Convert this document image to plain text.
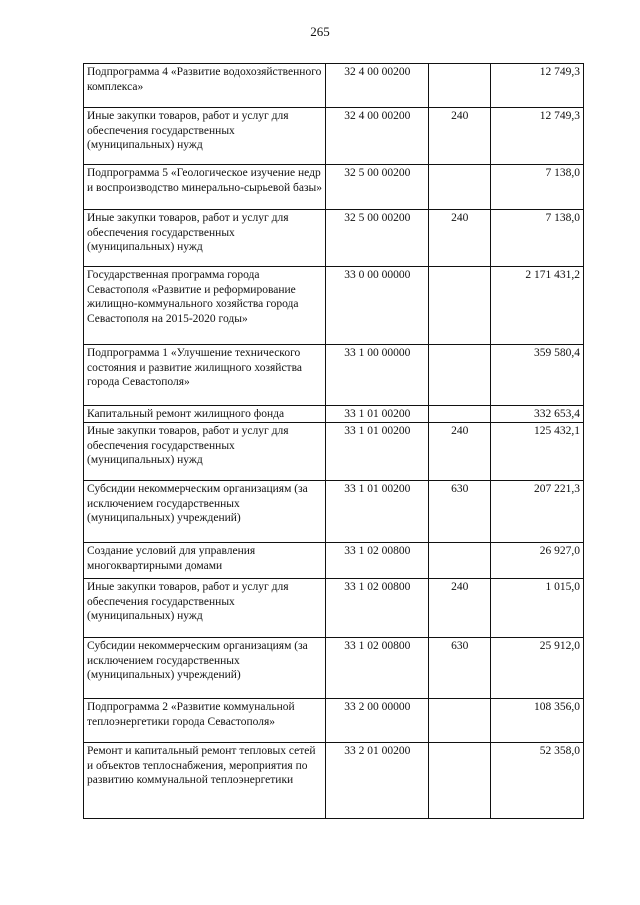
265
Подпрограмма 4 «Развитие водохозяйственного комплекса»	32 4 00 00200		12 749,3
Иные закупки товаров, работ и услуг для обеспечения государственных (муниципальных) нужд	32 4 00 00200	240	12 749,3
Подпрограмма 5 «Геологическое изучение недр и воспроизводство минерально-сырьевой базы»	32 5 00 00200		7 138,0
Иные закупки товаров, работ и услуг для обеспечения государственных (муниципальных) нужд	32 5 00 00200	240	7 138,0
Государственная программа города Севастополя «Развитие и реформирование жилищно-коммунального хозяйства города Севастополя на 2015-2020 годы»	33 0 00 00000		2 171 431,2
Подпрограмма 1 «Улучшение технического состояния и развитие жилищного хозяйства города Севастополя»	33 1 00 00000		359 580,4
Капитальный ремонт жилищного фонда	33 1 01 00200		332 653,4
Иные закупки товаров, работ и услуг для обеспечения государственных (муниципальных) нужд	33 1 01 00200	240	125 432,1
Субсидии некоммерческим организациям (за исключением государственных (муниципальных) учреждений)	33 1 01 00200	630	207 221,3
Создание условий для управления многоквартирными домами	33 1 02 00800		26 927,0
Иные закупки товаров, работ и услуг для обеспечения государственных (муниципальных) нужд	33 1 02 00800	240	1 015,0
Субсидии некоммерческим организациям (за исключением государственных (муниципальных) учреждений)	33 1 02 00800	630	25 912,0
Подпрограмма 2 «Развитие коммунальной теплоэнергетики города Севастополя»	33 2 00 00000		108 356,0
Ремонт и капитальный ремонт тепловых сетей и объектов теплоснабжения, мероприятия по развитию коммунальной теплоэнергетики	33 2 01 00200		52 358,0
